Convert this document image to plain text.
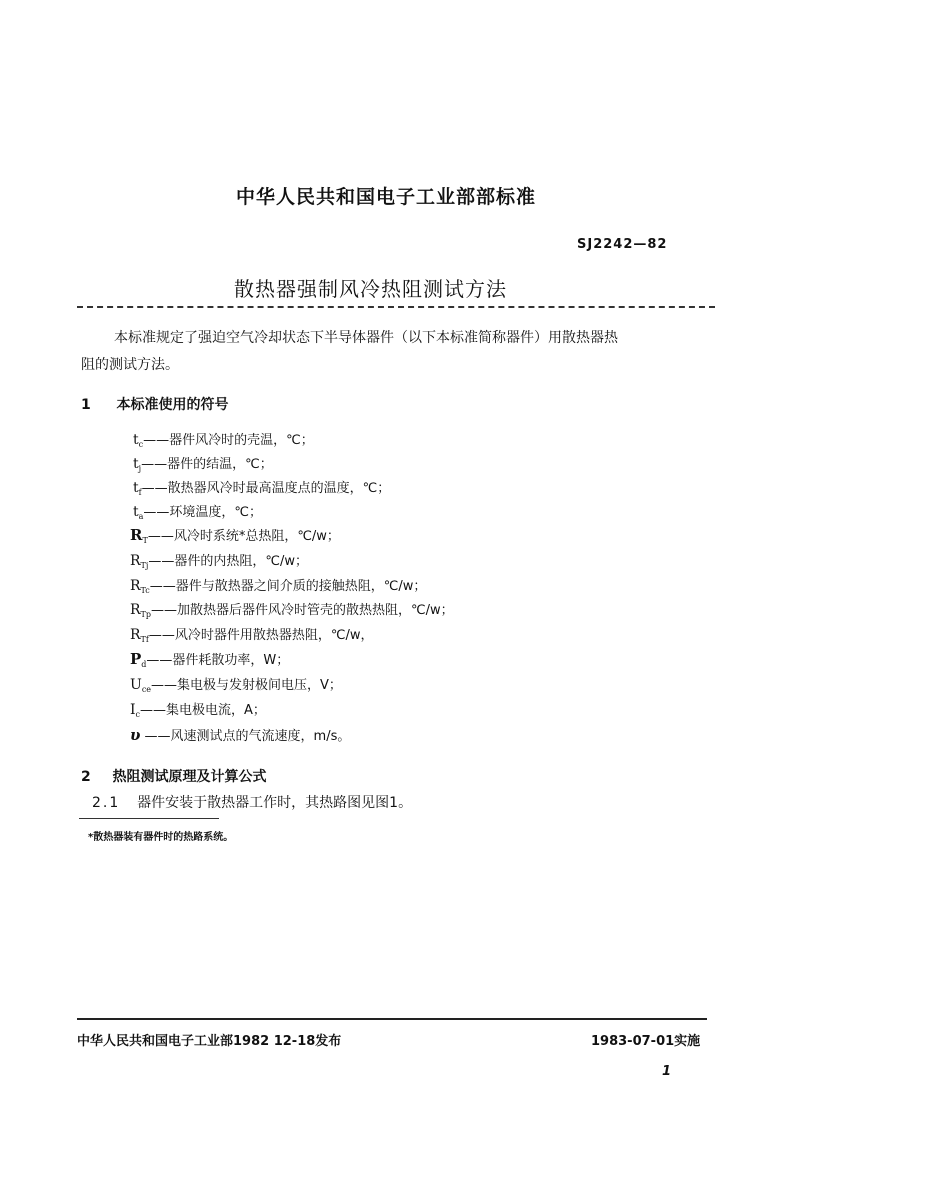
中华人民共和国电子工业部部标准
SJ2242—82
散热器强制风冷热阻测试方法
本标准规定了强迫空气冷却状态下半导体器件（以下本标准简称器件）用散热器热
阻的测试方法。
1 本标准使用的符号
$t_c——$器件风冷时的壳温，℃；
$t_j——$器件的结温，℃；
$t_f——$散热器风冷时最高温度点的温度，℃；
$t_a——$环境温度，℃；
$R_T——$风冷时系统*总热阻，℃/w；
$R_{Tj}——$器件的内热阻，℃/w；
$R_{Tc}——$器件与散热器之间介质的接触热阻，℃/w；
$R_{Tp}——$加散热器后器件风冷时管壳的散热热阻，℃/w；
$R_{Tf}——$风冷时器件用散热器热阻，℃/w，
$P_d——$器件耗散功率，W；
$U_{ce}——$集电极与发射极间电压，V；
$I_c——$集电极电流，A；
υ ——风速测试点的气流速度，m/s。
2 热阻测试原理及计算公式
2.1 器件安装于散热器工作时，其热路图见图1。
*散热器装有器件时的热路系统。
中华人民共和国电子工业部1982 12-18发布	1983-07-01实施
1
